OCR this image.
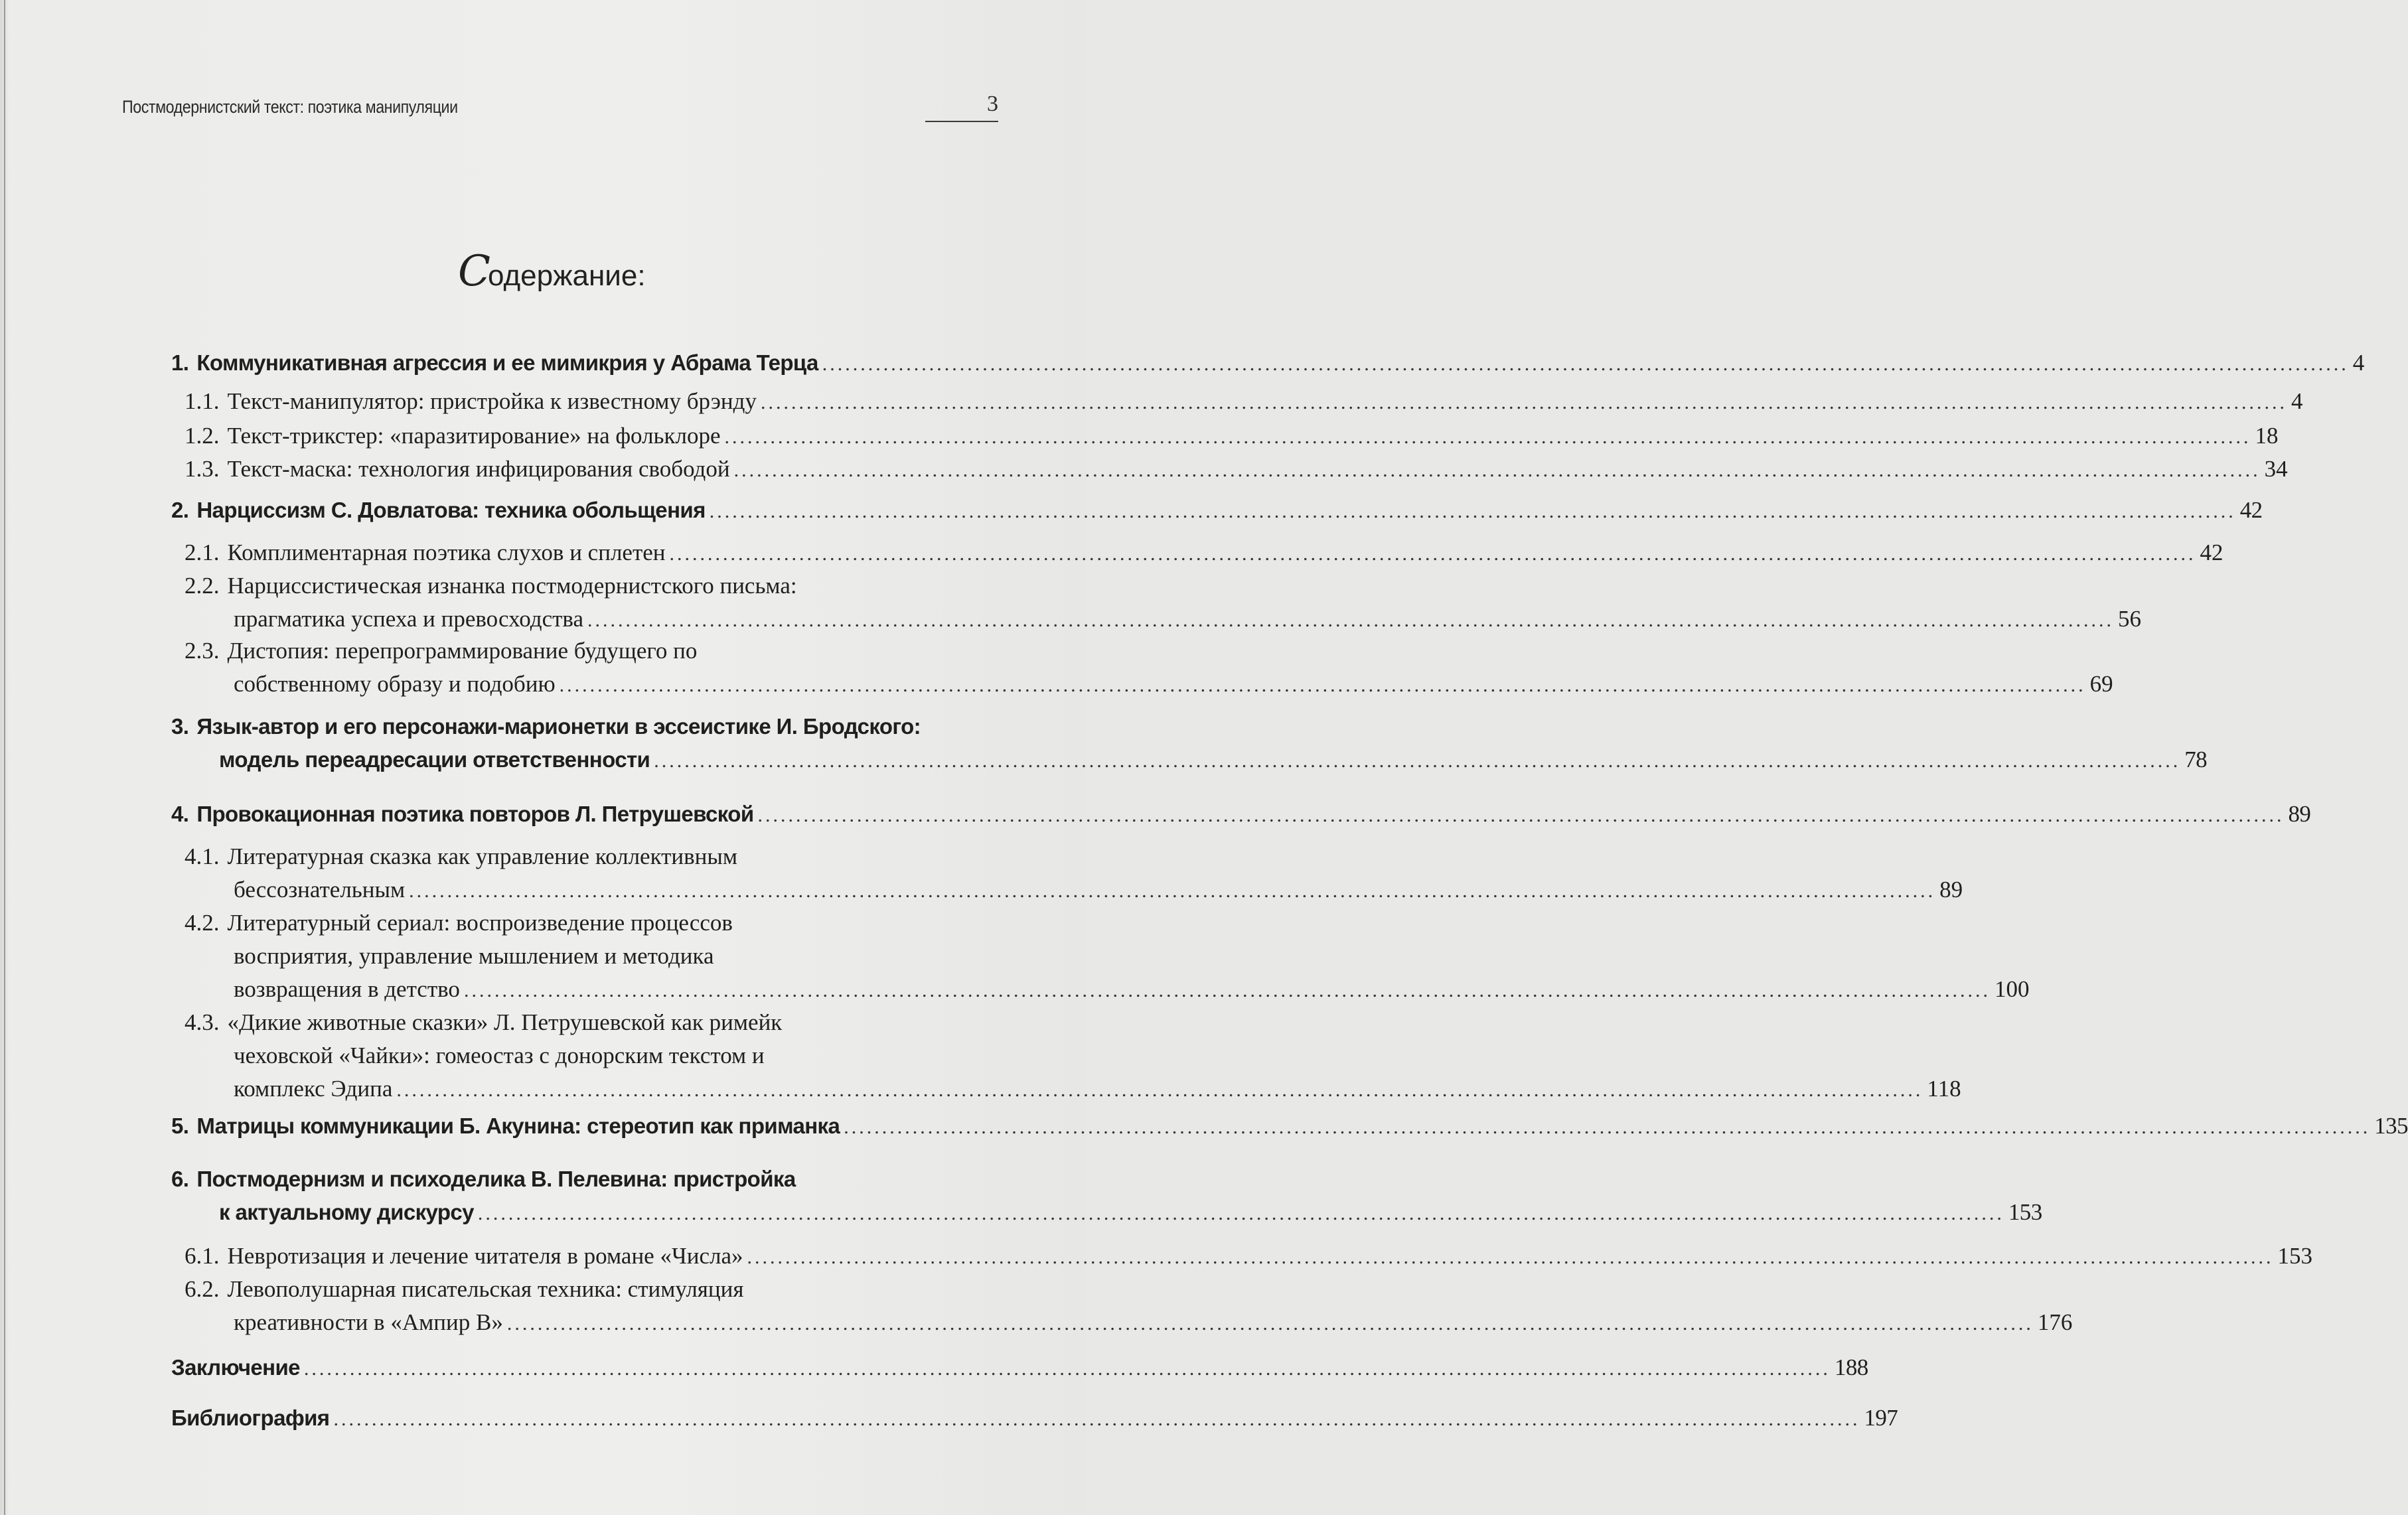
Постмодернистский текст: поэтика манипуляции	3
Содержание:
1. Коммуникативная агрессия и ее мимикрия у Абрама Терца ........................................................................................................................................................................................................ 4
1.1. Текст-манипулятор: пристройка к известному брэнду ........................................................................................................................................................................................................ 4
1.2. Текст-трикстер: «паразитирование» на фольклоре ........................................................................................................................................................................................................ 18
1.3. Текст-маска: технология инфицирования свободой ........................................................................................................................................................................................................ 34
2. Нарциссизм С. Довлатова: техника обольщения ........................................................................................................................................................................................................ 42
2.1. Комплиментарная поэтика слухов и сплетен ........................................................................................................................................................................................................ 42
2.2. Нарциссистическая изнанка постмодернистского письма:
прагматика успеха и превосходства ........................................................................................................................................................................................................ 56
2.3. Дистопия: перепрограммирование будущего по
собственному образу и подобию ........................................................................................................................................................................................................ 69
3. Язык-автор и его персонажи-марионетки в эссеистике И. Бродского:
модель переадресации ответственности ........................................................................................................................................................................................................ 78
4. Провокационная поэтика повторов Л. Петрушевской ........................................................................................................................................................................................................ 89
4.1. Литературная сказка как управление коллективным
бессознательным ........................................................................................................................................................................................................ 89
4.2. Литературный сериал: воспроизведение процессов
восприятия, управление мышлением и методика
возвращения в детство ........................................................................................................................................................................................................ 100
4.3. «Дикие животные сказки» Л. Петрушевской как римейк
чеховской «Чайки»: гомеостаз с донорским текстом и
комплекс Эдипа ........................................................................................................................................................................................................ 118
5. Матрицы коммуникации Б. Акунина: стереотип как приманка ........................................................................................................................................................................................................ 135
6. Постмодернизм и психоделика В. Пелевина: пристройка
к актуальному дискурсу ........................................................................................................................................................................................................ 153
6.1. Невротизация и лечение читателя в романе «Числа» ........................................................................................................................................................................................................ 153
6.2. Левополушарная писательская техника: стимуляция
креативности в «Ампир В» ........................................................................................................................................................................................................ 176
Заключение ........................................................................................................................................................................................................ 188
Библиография ........................................................................................................................................................................................................ 197
